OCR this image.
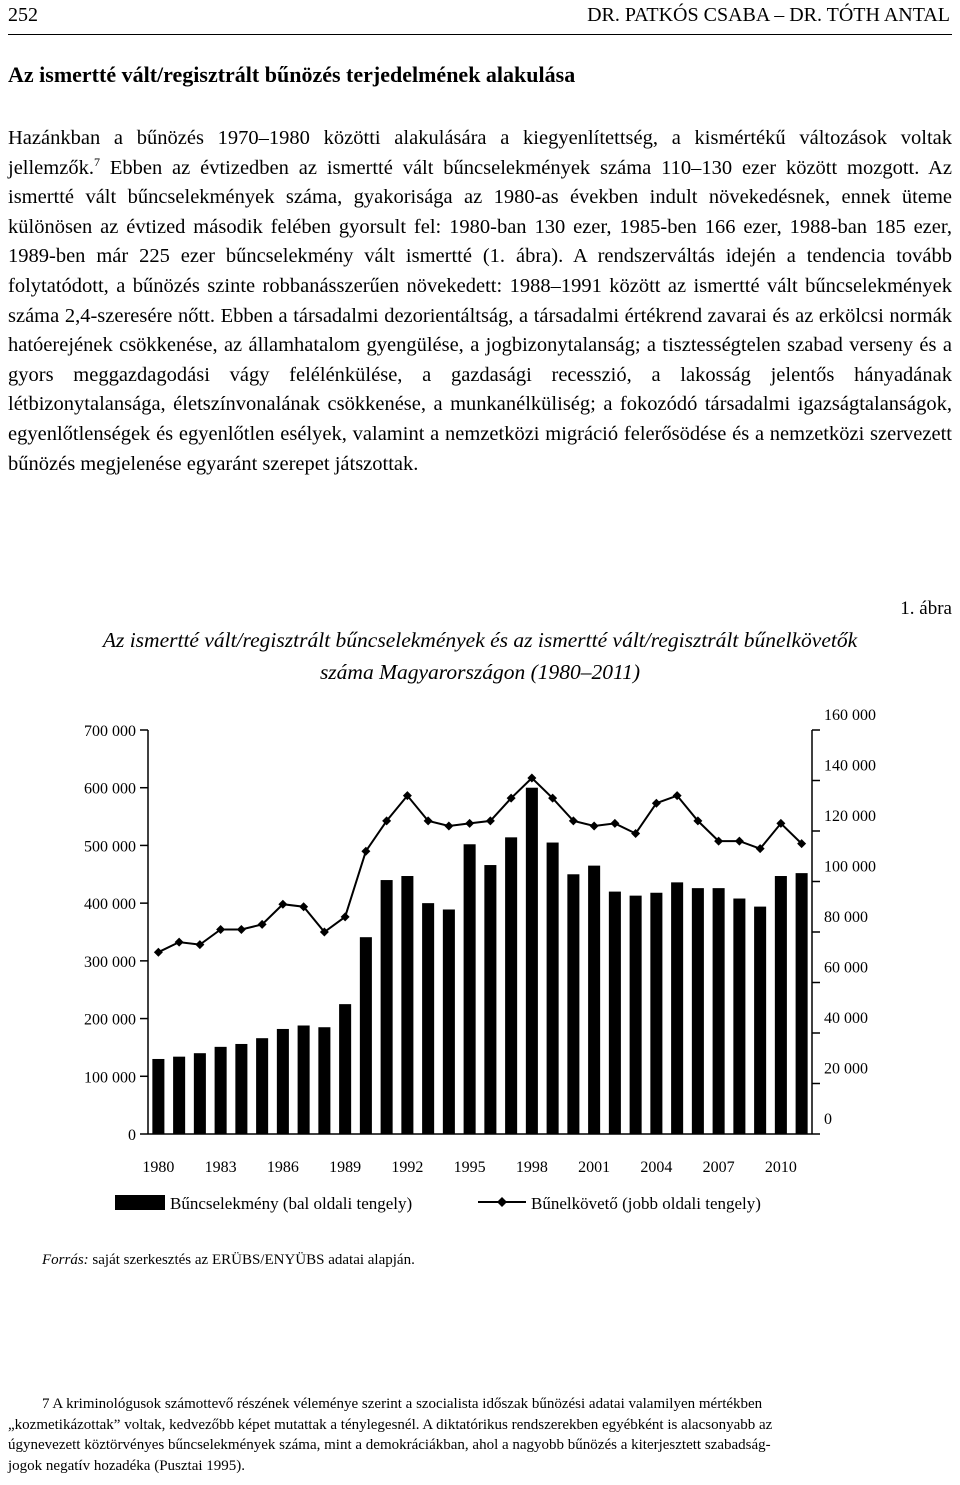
252	DR. PATKÓS CSABA – DR. TÓTH ANTAL
Az ismertté vált/regisztrált bűnözés terjedelmének alakulása

Hazánkban a bűnözés 1970–1980 közötti alakulására a kiegyenlítettség, a kismértékű változások voltak jellemzők.$^7$ Ebben az évtizedben az ismertté vált bűncselekmények száma 110–130 ezer között mozgott. Az ismertté vált bűncselekmények száma, gyakorisága az 1980-as években indult növekedésnek, ennek üteme különösen az évtized második felében gyorsult fel: 1980-ban 130 ezer, 1985-ben 166 ezer, 1988-ban 185 ezer, 1989-ben már 225 ezer bűncselekmény vált ismertté (1. ábra). A rendszerváltás idején a tendencia tovább folytatódott, a bűnözés szinte robbanásszerűen növekedett: 1988–1991 között az ismertté vált bűncselekmények száma 2,4-szeresére nőtt. Ebben a társadalmi dezorientáltság, a társadalmi értékrend zavarai és az erkölcsi normák hatóerejének csökkenése, az államhatalom gyengülése, a jogbizonytalanság; a tisztességtelen szabad verseny és a gyors meggazdagodási vágy felélénkülése, a gazdasági recesszió, a lakosság jelentős hányadának létbizonytalansága, életszínvonalának csökkenése, a munkanélküliség; a fokozódó társadalmi igazságtalanságok, egyenlőtlenségek és egyenlőtlen esélyek, valamint a nemzetközi migráció felerősödése és a nemzetközi szervezett bűnözés megjelenése egyaránt szerepet játszottak.

1. ábra
Az ismertté vált/regisztrált bűncselekmények és az ismertté vált/regisztrált bűnelkövetők
száma Magyarországon (1980–2011)
0
100 000
200 000
300 000
400 000
500 000
600 000
700 000
0
20 000
40 000
60 000
80 000
100 000
120 000
140 000
160 000
1980 1983 1986 1989 1992 1995 1998 2001 2004 2007 2010
Bűncselekmény (bal oldali tengely)	Bűnelkövető (jobb oldali tengely)
Forrás: saját szerkesztés az ERÜBS/ENYÜBS adatai alapján.
7 A kriminológusok számottevő részének véleménye szerint a szocialista időszak bűnözési adatai valamilyen mértékben
„kozmetikázottak” voltak, kedvezőbb képet mutattak a ténylegesnél. A diktatórikus rendszerekben egyébként is alacsonyabb az
úgynevezett köztörvényes bűncselekmények száma, mint a demokráciákban, ahol a nagyobb bűnözés a kiterjesztett szabadság-
jogok negatív hozadéka (Pusztai 1995).
